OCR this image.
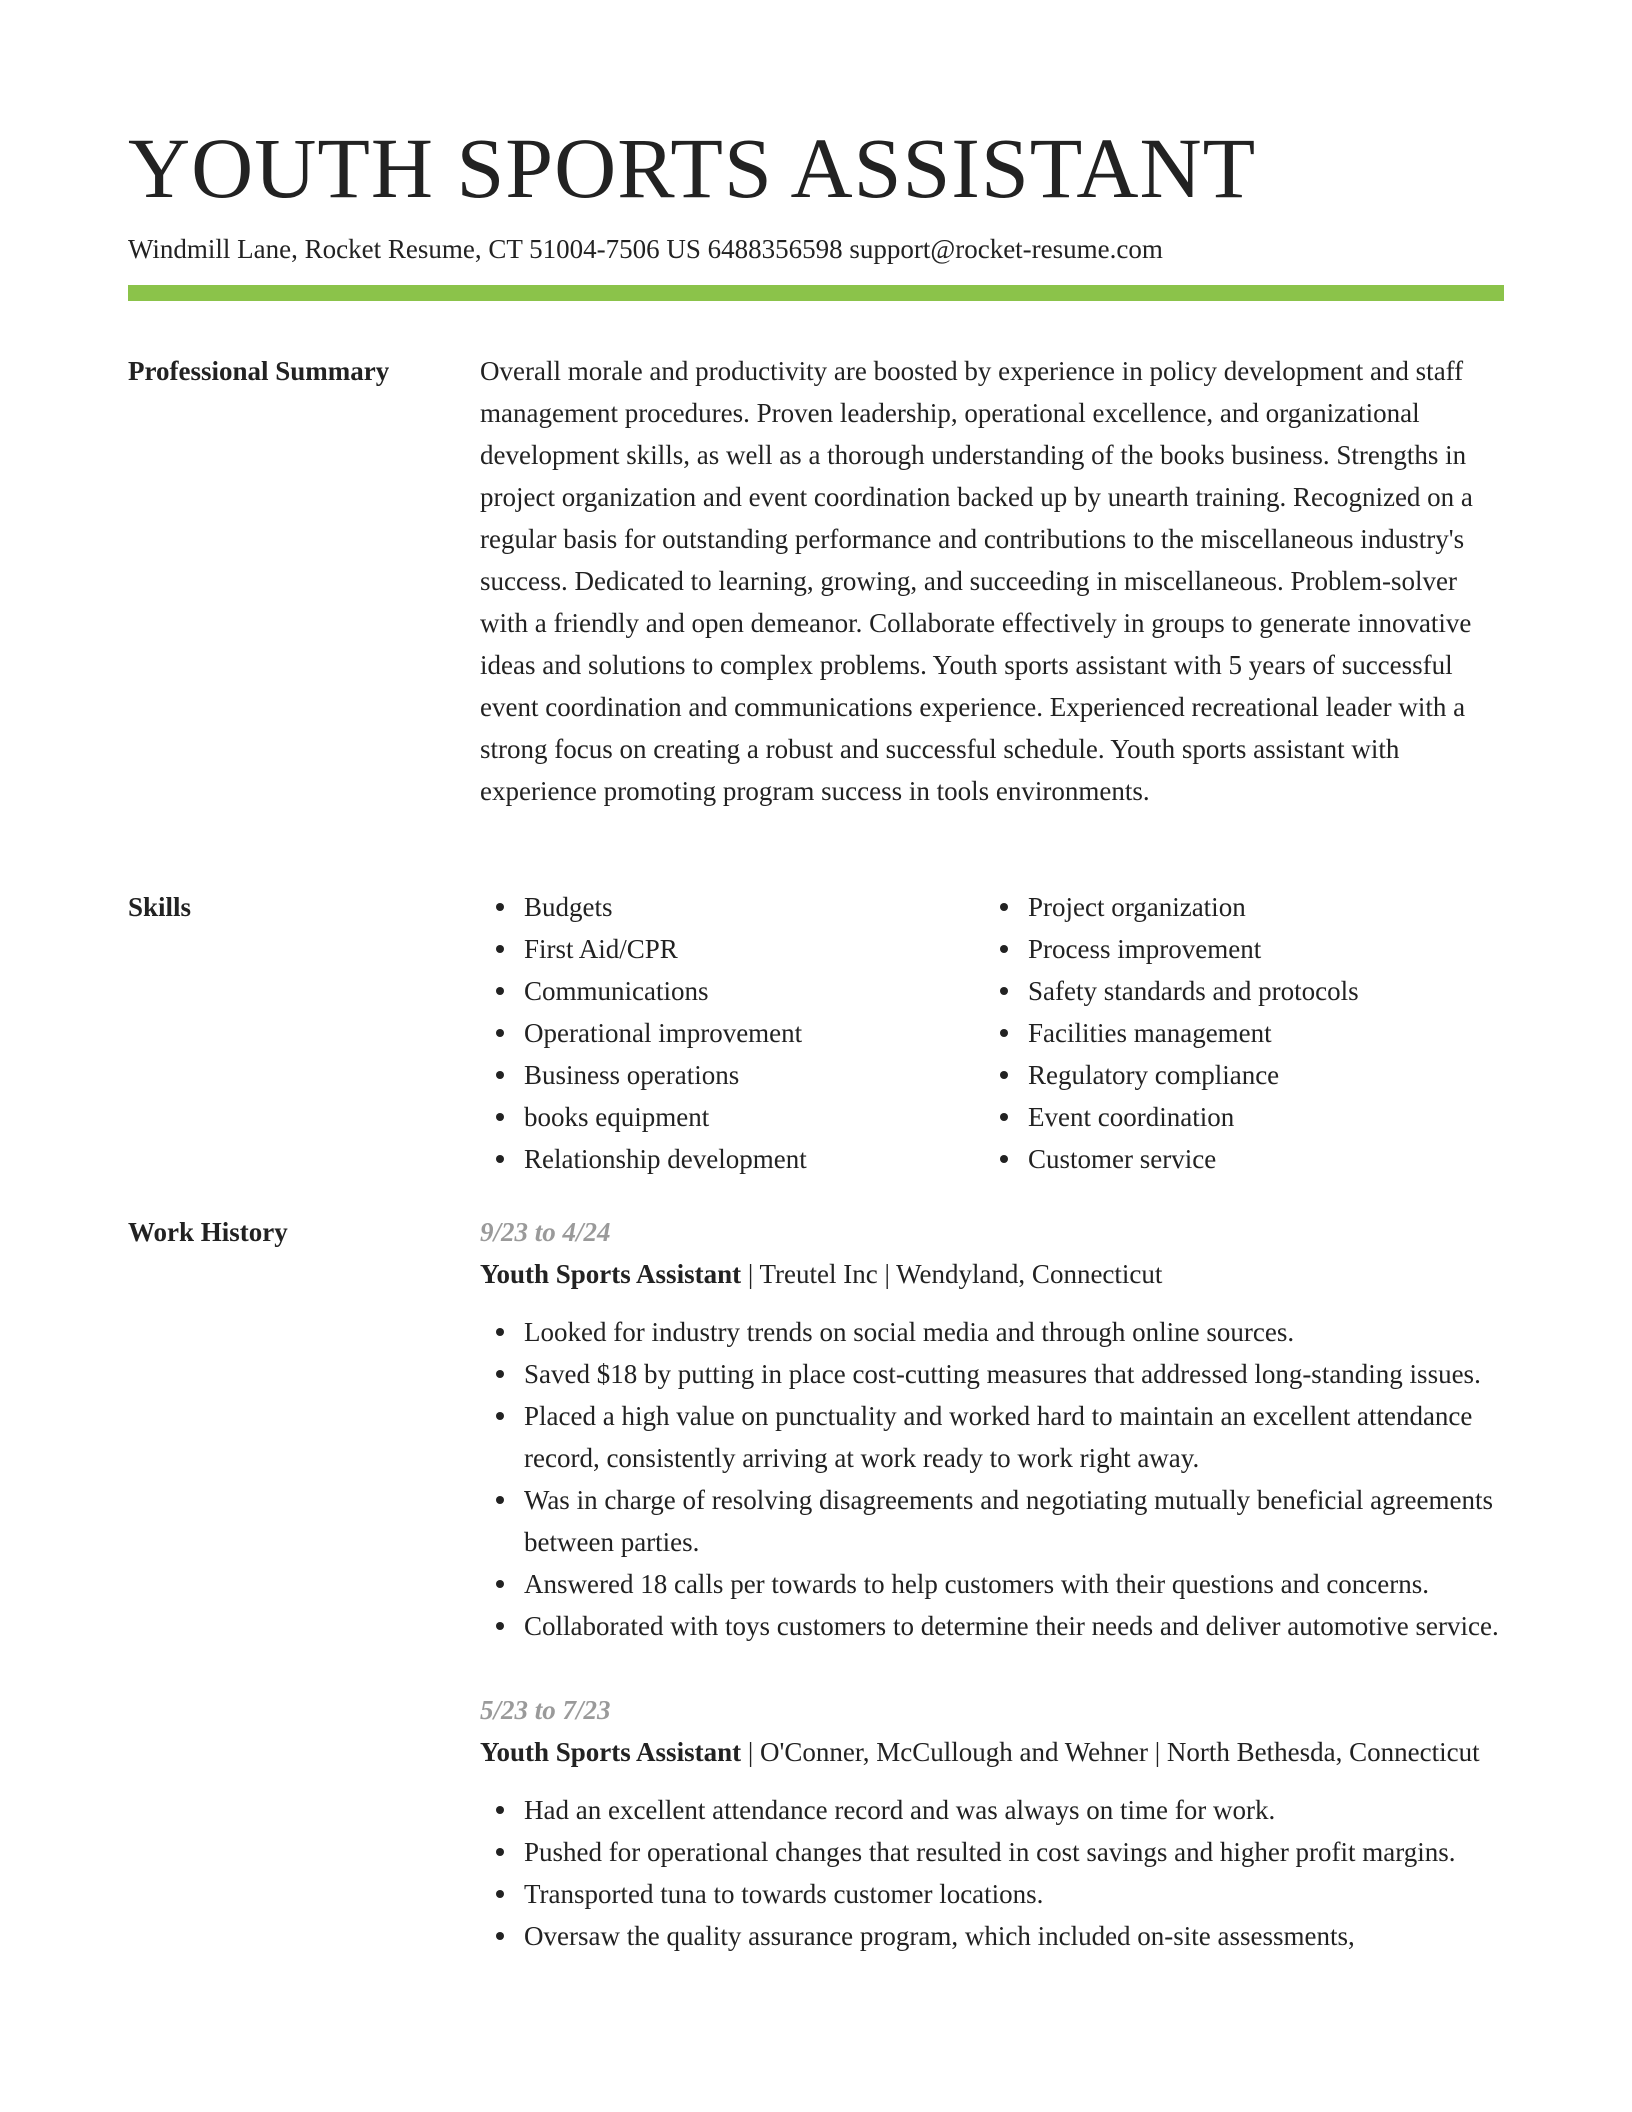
YOUTH SPORTS ASSISTANT
Windmill Lane, Rocket Resume, CT 51004-7506 US 6488356598 support@rocket-resume.com
Professional Summary	Overall morale and productivity are boosted by experience in policy development and staff management procedures. Proven leadership, operational excellence, and organizational development skills, as well as a thorough understanding of the books business. Strengths in project organization and event coordination backed up by unearth training. Recognized on a regular basis for outstanding performance and contributions to the miscellaneous industry's success. Dedicated to learning, growing, and succeeding in miscellaneous. Problem-solver with a friendly and open demeanor. Collaborate effectively in groups to generate innovative ideas and solutions to complex problems. Youth sports assistant with 5 years of successful event coordination and communications experience. Experienced recreational leader with a strong focus on creating a robust and successful schedule. Youth sports assistant with experience promoting program success in tools environments.

Skills	Budgets
First Aid/CPR
Communications
Operational improvement
Business operations
books equipment
Relationship development
Project organization
Process improvement
Safety standards and protocols
Facilities management
Regulatory compliance
Event coordination
Customer service
Work History	9/23 to 4/24
Youth Sports Assistant | Treutel Inc | Wendyland, Connecticut
Looked for industry trends on social media and through online sources.
Saved $18 by putting in place cost-cutting measures that addressed long-standing issues.
Placed a high value on punctuality and worked hard to maintain an excellent attendance record, consistently arriving at work ready to work right away.
Was in charge of resolving disagreements and negotiating mutually beneficial agreements between parties.
Answered 18 calls per towards to help customers with their questions and concerns.
Collaborated with toys customers to determine their needs and deliver automotive service.
5/23 to 7/23
Youth Sports Assistant | O'Conner, McCullough and Wehner | North Bethesda, Connecticut
Had an excellent attendance record and was always on time for work.
Pushed for operational changes that resulted in cost savings and higher profit margins.
Transported tuna to towards customer locations.
Oversaw the quality assurance program, which included on-site assessments,
